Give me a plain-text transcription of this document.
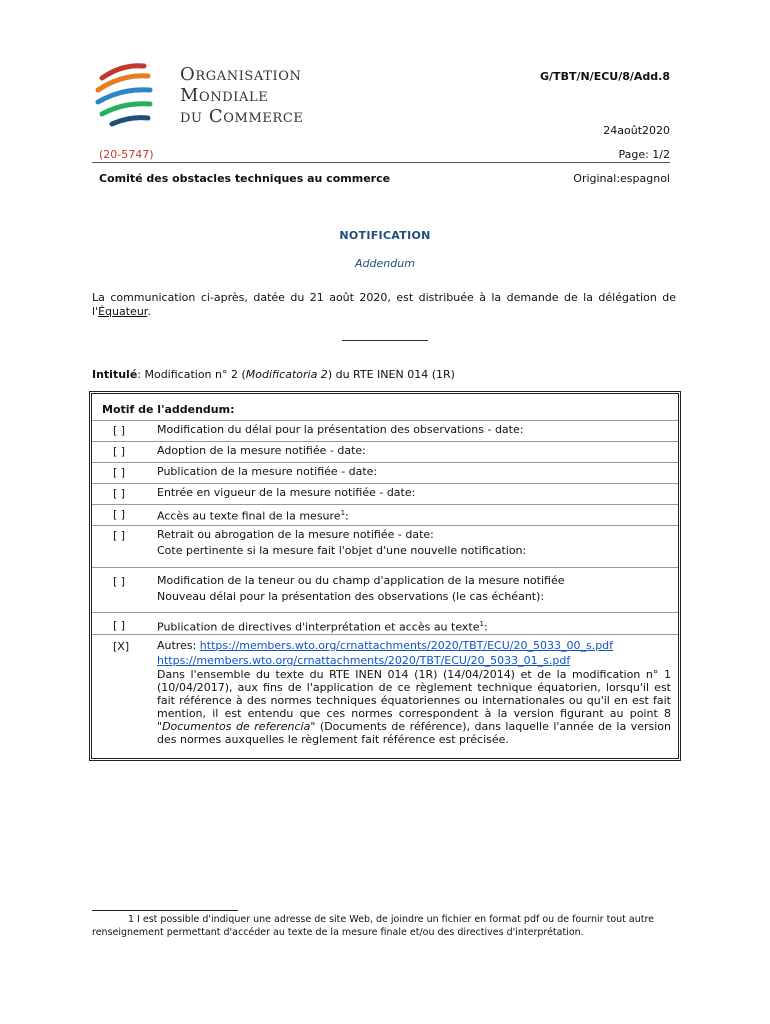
Organisation
Mondiale
du Commerce
G/TBT/N/ECU/8/Add.8
24août2020
(20-5747)	Page: 1/2
Comité des obstacles techniques au commerce	Original:espagnol
NOTIFICATION
Addendum
La communication ci-après, datée du 21 août 2020, est distribuée à la demande de la délégation de l'Équateur.
Intitulé: Modification n° 2 (Modificatoria 2) du RTE INEN 014 (1R)
Motif de l'addendum:
[ ]	Modification du délai pour la présentation des observations - date:
[ ]	Adoption de la mesure notifiée - date:
[ ]	Publication de la mesure notifiée - date:
[ ]	Entrée en vigueur de la mesure notifiée - date:
[ ]	Accès au texte final de la mesure$^1$:
[ ]	Retrait ou abrogation de la mesure notifiée - date:
Cote pertinente si la mesure fait l'objet d'une nouvelle notification:
[ ]	Modification de la teneur ou du champ d'application de la mesure notifiée
Nouveau délai pour la présentation des observations (le cas échéant):
[ ]	Publication de directives d'interprétation et accès au texte$^1$:
[X]	Autres: https://members.wto.org/crnattachments/2020/TBT/ECU/20_5033_00_s.pdf
https://members.wto.org/crnattachments/2020/TBT/ECU/20_5033_01_s.pdf
Dans l'ensemble du texte du RTE INEN 014 (1R) (14/04/2014) et de la modification n° 1 (10/04/2017), aux fins de l'application de ce règlement technique équatorien, lorsqu'il est fait référence à des normes techniques équatoriennes ou internationales ou qu'il en est fait mention, il est entendu que ces normes correspondent à la version figurant au point 8 "Documentos de referencia" (Documents de référence), dans laquelle l'année de la version des normes auxquelles le règlement fait référence est précisée.
1 I est possible d'indiquer une adresse de site Web, de joindre un fichier en format pdf ou de fournir tout autre renseignement permettant d'accéder au texte de la mesure finale et/ou des directives d'interprétation.
